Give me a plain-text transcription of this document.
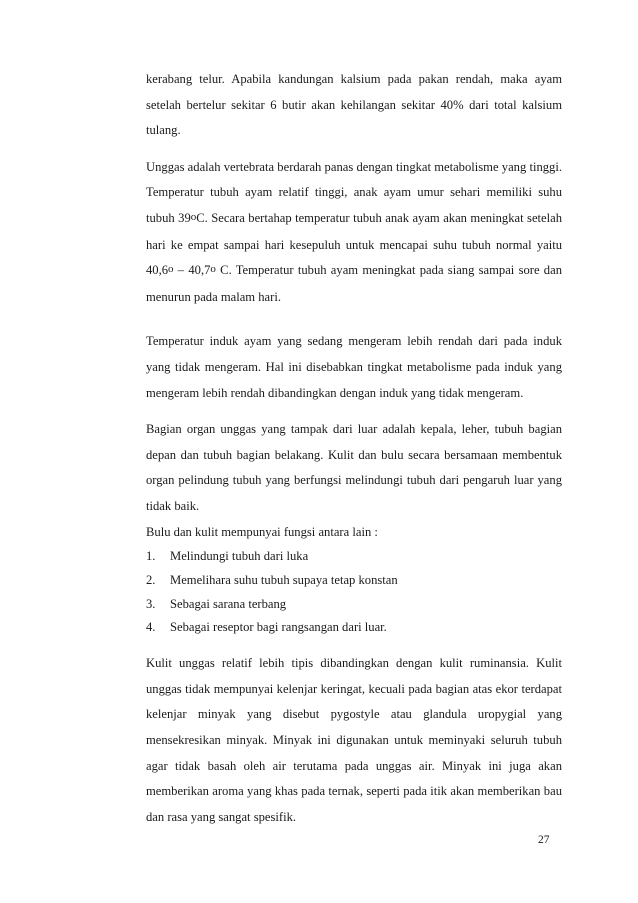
kerabang telur. Apabila kandungan kalsium pada pakan rendah, maka ayam setelah bertelur sekitar 6 butir akan kehilangan sekitar 40% dari total kalsium tulang.

Unggas adalah vertebrata berdarah panas dengan tingkat metabolisme yang tinggi. Temperatur tubuh ayam relatif tinggi, anak ayam umur sehari memiliki suhu tubuh 39$^o$C. Secara bertahap temperatur tubuh anak ayam akan meningkat setelah hari ke empat sampai hari kesepuluh untuk mencapai suhu tubuh normal yaitu 40,6$^o$ – 40,7$^o$ C. Temperatur tubuh ayam meningkat pada siang sampai sore dan menurun pada malam hari.

Temperatur induk ayam yang sedang mengeram lebih rendah dari pada induk yang tidak mengeram. Hal ini disebabkan tingkat metabolisme pada induk yang mengeram lebih rendah dibandingkan dengan induk yang tidak mengeram.

Bagian organ unggas yang tampak dari luar adalah kepala, leher, tubuh bagian depan dan tubuh bagian belakang. Kulit dan bulu secara bersamaan membentuk organ pelindung tubuh yang berfungsi melindungi tubuh dari pengaruh luar yang tidak baik.

Bulu dan kulit mempunyai fungsi antara lain :

1.	Melindungi tubuh dari luka
2.	Memelihara suhu tubuh supaya tetap konstan
3.	Sebagai sarana terbang
4.	Sebagai reseptor bagi rangsangan dari luar.

Kulit unggas relatif lebih tipis dibandingkan dengan kulit ruminansia. Kulit unggas tidak mempunyai kelenjar keringat, kecuali pada bagian atas ekor terdapat kelenjar minyak yang disebut pygostyle atau glandula uropygial yang mensekresikan minyak. Minyak ini digunakan untuk meminyaki seluruh tubuh agar tidak basah oleh air terutama pada unggas air. Minyak ini juga akan memberikan aroma yang khas pada ternak, seperti pada itik akan memberikan bau dan rasa yang sangat spesifik.

27
